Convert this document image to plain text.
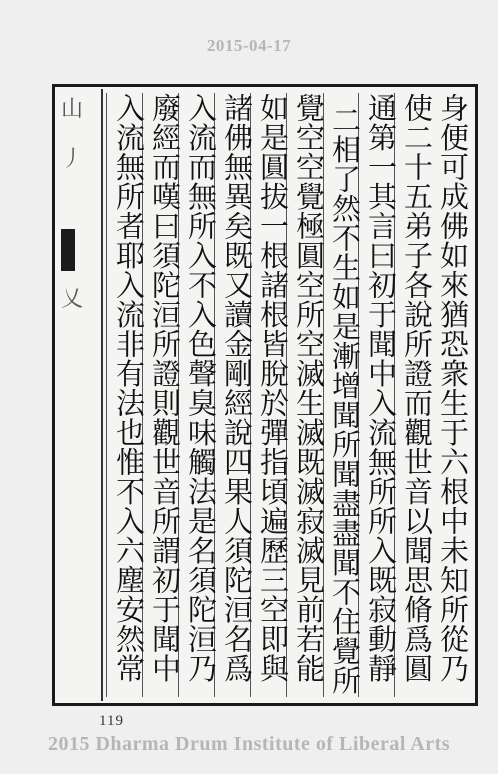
2015-04-17
山
丿
乂	身便可成佛如來猶恐衆生于六根中未知所從乃
使二十五弟子各說所證而觀世音以聞思脩爲圓
通第一其言曰初于聞中入流無所所入既寂動靜
二相了然不生如是漸增聞所聞盡盡聞不住覺所
覺空空覺極圓空所空滅生滅既滅寂滅見前若能
如是圓拔一根諸根皆脫於彈指頃遍歷三空即與
諸佛無異矣既又讀金剛經說四果人須陀洹名爲
入流而無所入不入色聲臭味觸法是名須陀洹乃
廢經而嘆曰須陀洹所證則觀世音所謂初于聞中
入流無所者耶入流非有法也惟不入六塵安然常
119
2015 Dharma Drum Institute of Liberal Arts
